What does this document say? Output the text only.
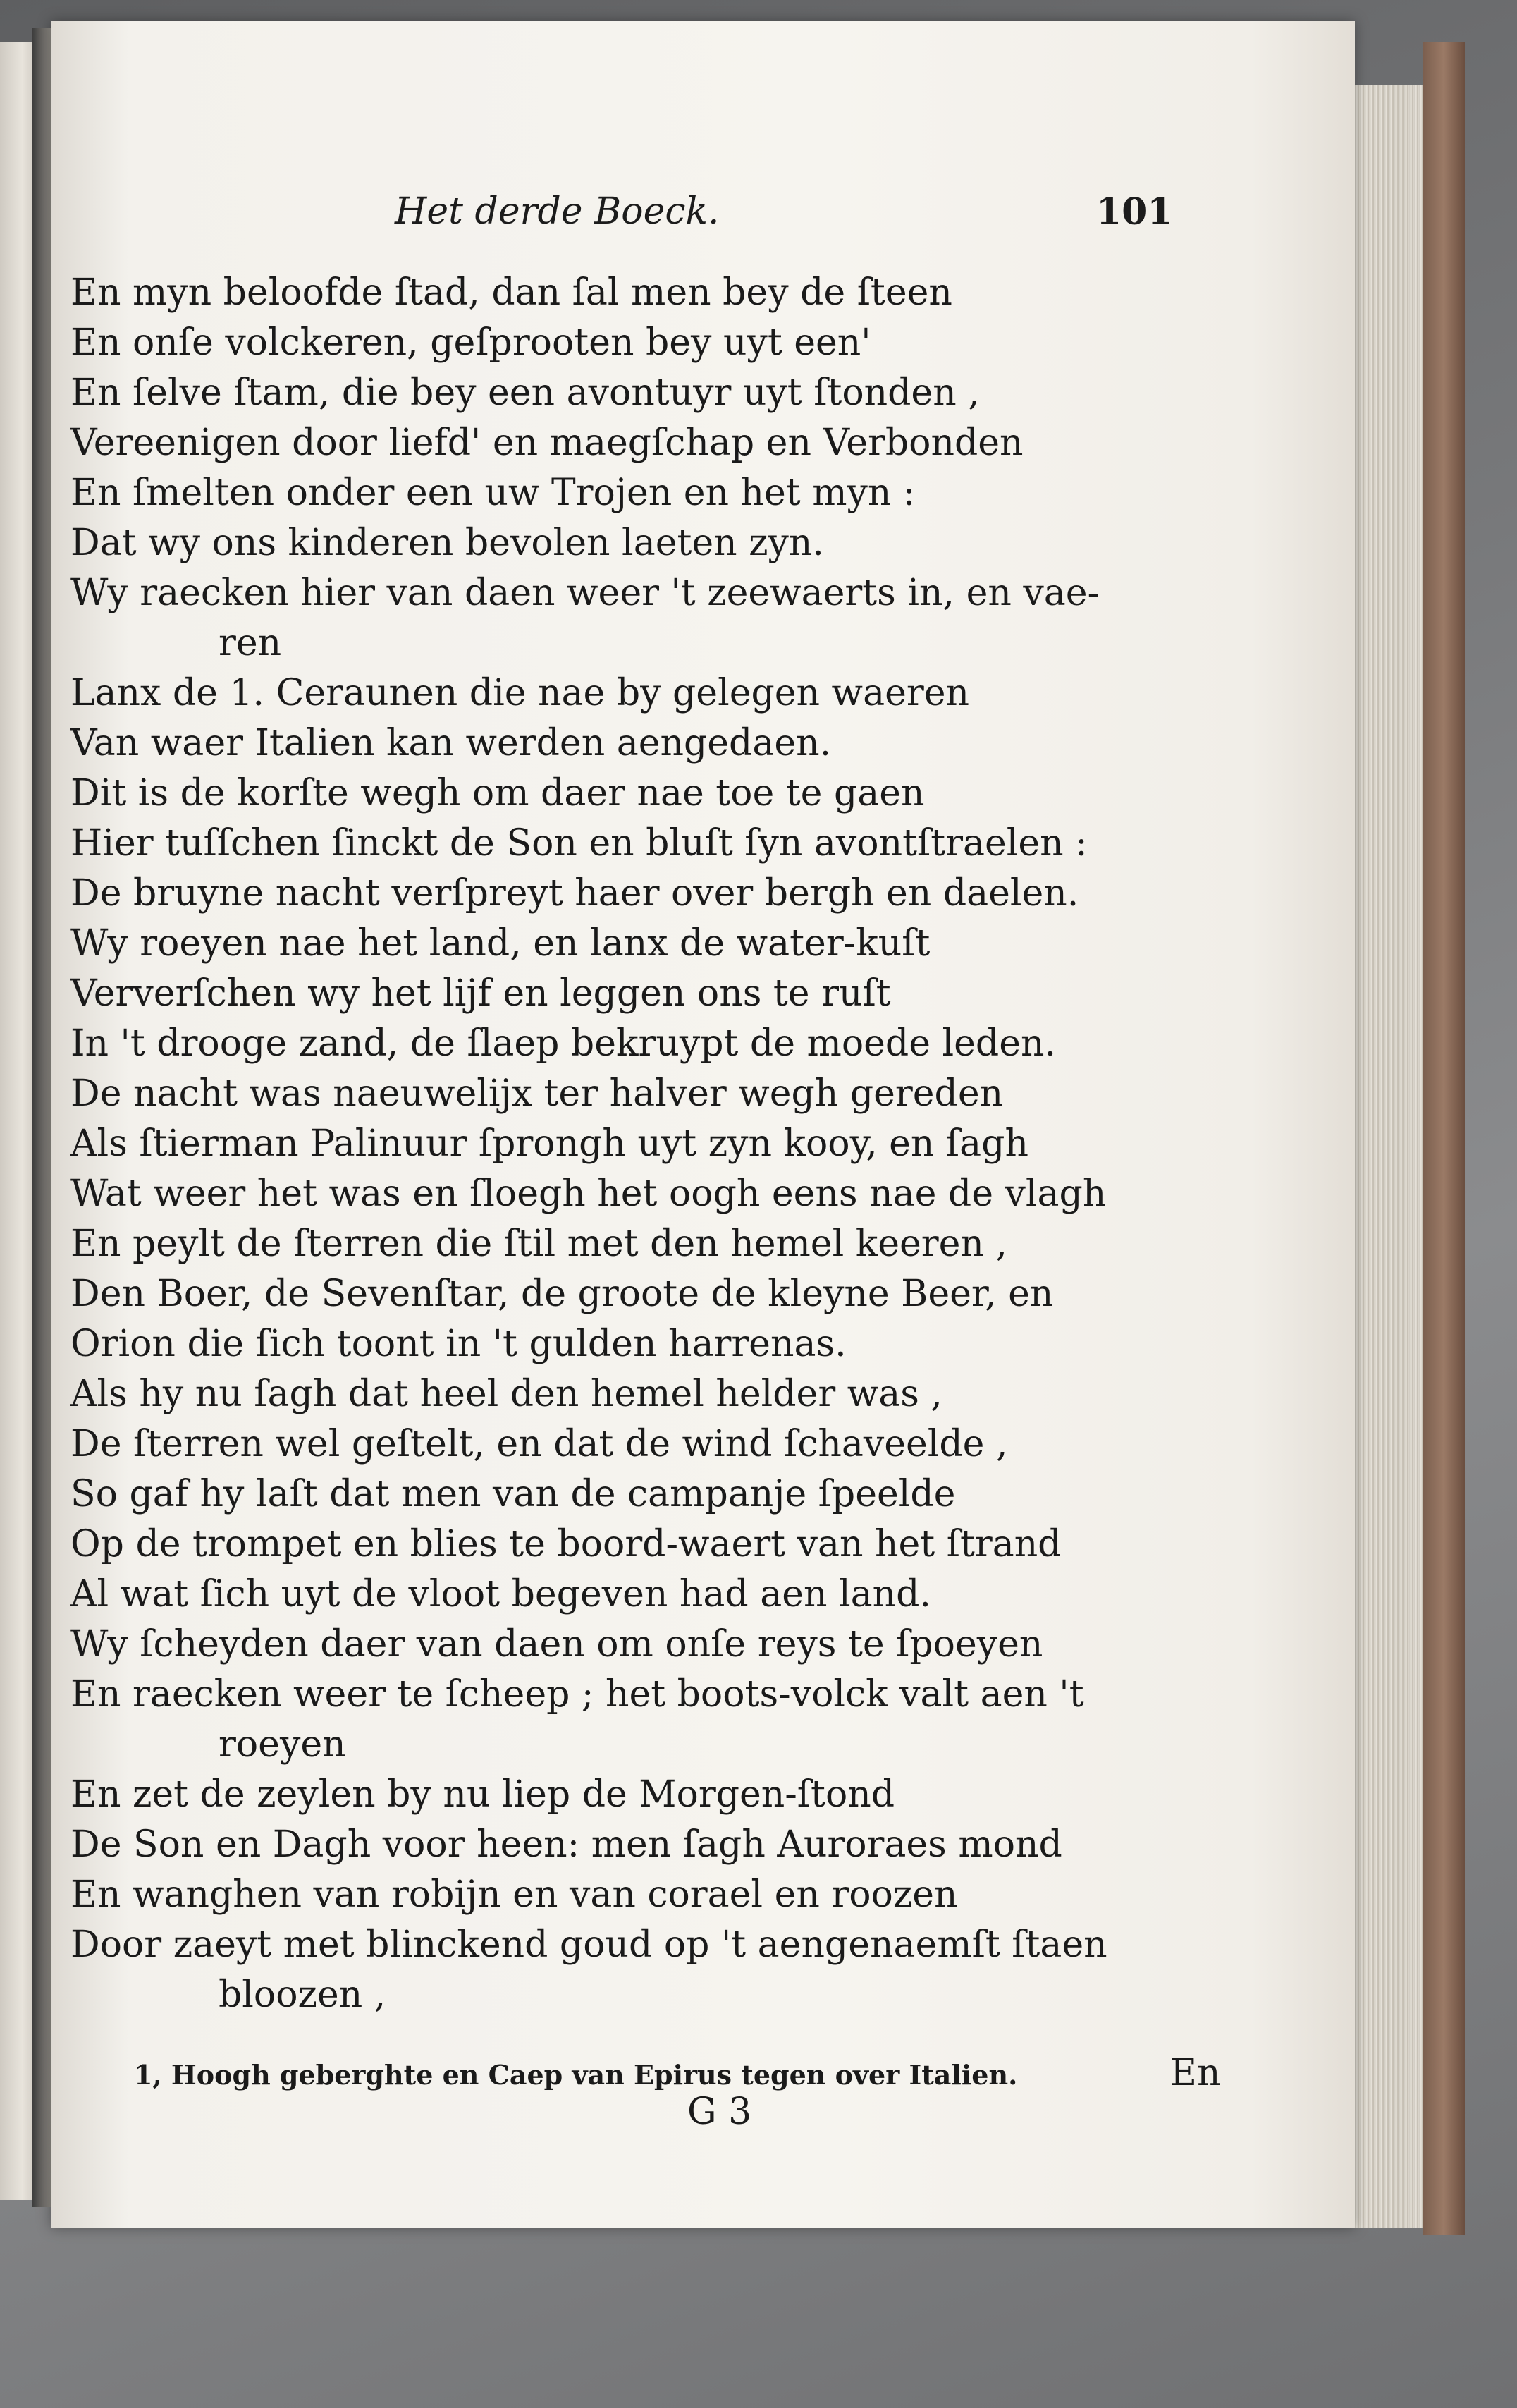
Het derde Boeck.	101
En myn beloofde ſtad, dan ſal men bey de ſteen
En onſe volckeren, geſprooten bey uyt een'
En ſelve ſtam, die bey een avontuyr uyt ſtonden ,
Vereenigen door liefd' en maegſchap en Verbonden
En ſmelten onder een uw Trojen en het myn :
Dat wy ons kinderen bevolen laeten zyn.
Wy raecken hier van daen weer 't zeewaerts in, en vae-
ren
Lanx de 1. Ceraunen die nae by gelegen waeren
Van waer Italien kan werden aengedaen.
Dit is de korſte wegh om daer nae toe te gaen
Hier tuſſchen ſinckt de Son en bluſt ſyn avontſtraelen :
De bruyne nacht verſpreyt haer over bergh en daelen.
Wy roeyen nae het land, en lanx de water-kuſt
Ververſchen wy het lijf en leggen ons te ruſt
In 't drooge zand, de ſlaep bekruypt de moede leden.
De nacht was naeuwelijx ter halver wegh gereden
Als ſtierman Palinuur ſprongh uyt zyn kooy, en ſagh
Wat weer het was en ſloegh het oogh eens nae de vlagh
En peylt de ſterren die ſtil met den hemel keeren ,
Den Boer, de Sevenſtar, de groote de kleyne Beer, en
Orion die ſich toont in 't gulden harrenas.
Als hy nu ſagh dat heel den hemel helder was ,
De ſterren wel geſtelt, en dat de wind ſchaveelde ,
So gaf hy laſt dat men van de campanje ſpeelde
Op de trompet en blies te boord-waert van het ſtrand
Al wat ſich uyt de vloot begeven had aen land.
Wy ſcheyden daer van daen om onſe reys te ſpoeyen
En raecken weer te ſcheep ; het boots-volck valt aen 't
roeyen
En zet de zeylen by nu liep de Morgen-ſtond
De Son en Dagh voor heen: men ſagh Auroraes mond
En wanghen van robijn en van corael en roozen
Door zaeyt met blinckend goud op 't aengenaemſt ſtaen
bloozen ,
1, Hoogh geberghte en Caep van Epirus tegen over Italien.	En
G 3
